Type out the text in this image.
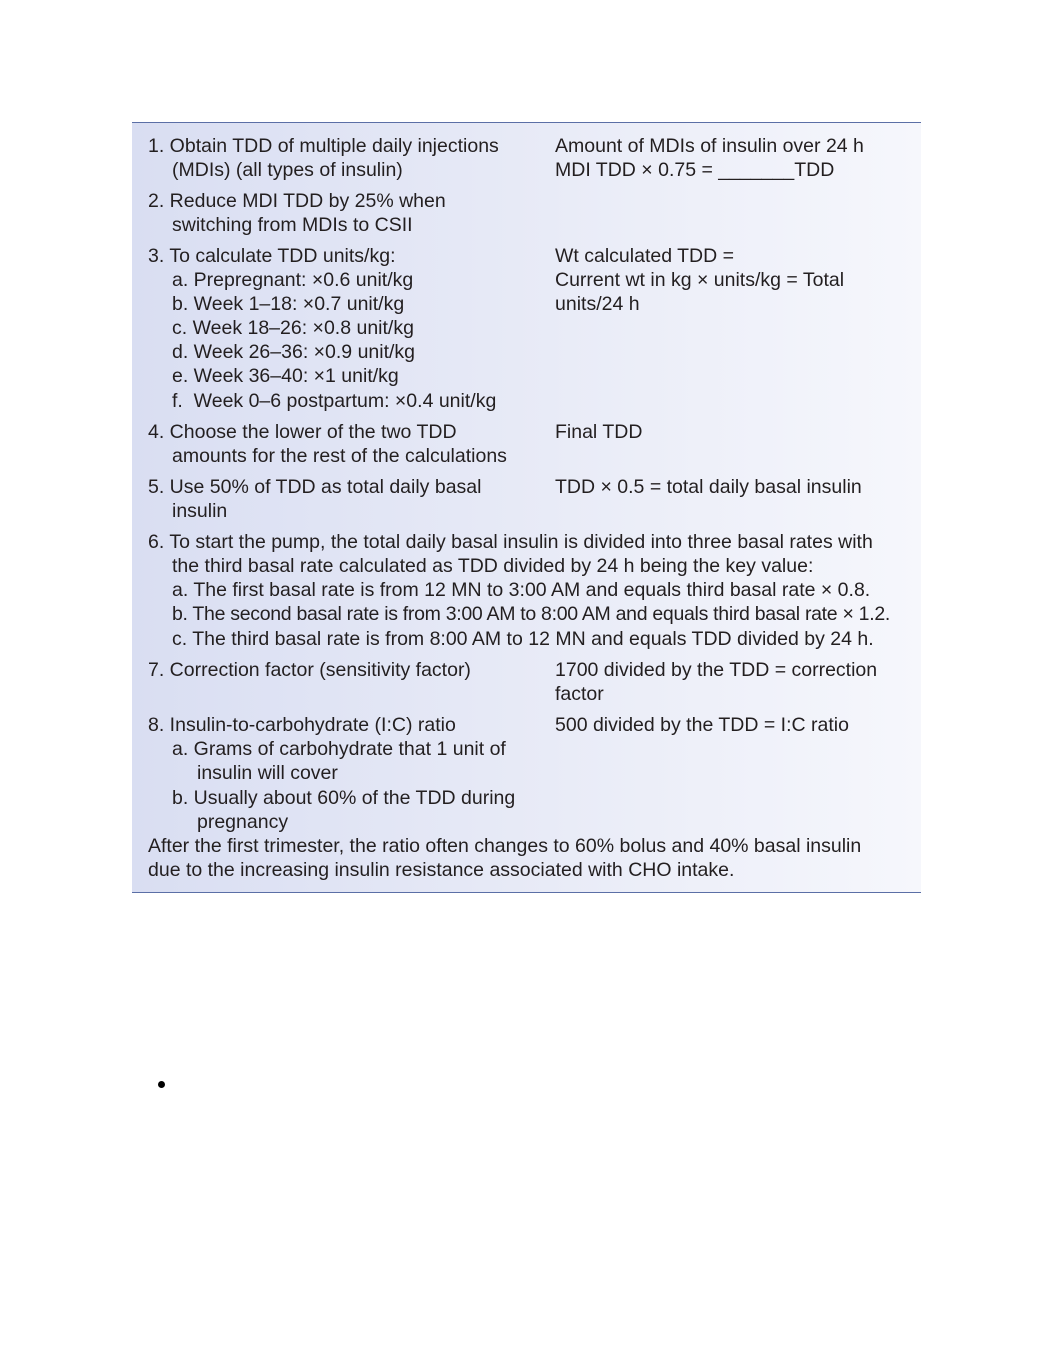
1. Obtain TDD of multiple daily injections
(MDIs) (all types of insulin)
Amount of MDIs of insulin over 24 h
MDI TDD × 0.75 = _______TDD
2. Reduce MDI TDD by 25% when
switching from MDIs to CSII
3. To calculate TDD units/kg:
a. Prepregnant: ×0.6 unit/kg
b. Week 1–18: ×0.7 unit/kg
c. Week 18–26: ×0.8 unit/kg
d. Week 26–36: ×0.9 unit/kg
e. Week 36–40: ×1 unit/kg
f.  Week 0–6 postpartum: ×0.4 unit/kg
Wt calculated TDD =
Current wt in kg × units/kg = Total
units/24 h
4. Choose the lower of the two TDD
amounts for the rest of the calculations
Final TDD
5. Use 50% of TDD as total daily basal
insulin
TDD × 0.5 = total daily basal insulin
6. To start the pump, the total daily basal insulin is divided into three basal rates with
the third basal rate calculated as TDD divided by 24 h being the key value:
a. The first basal rate is from 12 MN to 3:00 AM and equals third basal rate × 0.8.
b. The second basal rate is from 3:00 AM to 8:00 AM and equals third basal rate × 1.2.
c. The third basal rate is from 8:00 AM to 12 MN and equals TDD divided by 24 h.
7. Correction factor (sensitivity factor)	1700 divided by the TDD = correction
factor
8. Insulin-to-carbohydrate (I:C) ratio
a. Grams of carbohydrate that 1 unit of
insulin will cover
b. Usually about 60% of the TDD during
pregnancy
500 divided by the TDD = I:C ratio
After the first trimester, the ratio often changes to 60% bolus and 40% basal insulin
due to the increasing insulin resistance associated with CHO intake.
